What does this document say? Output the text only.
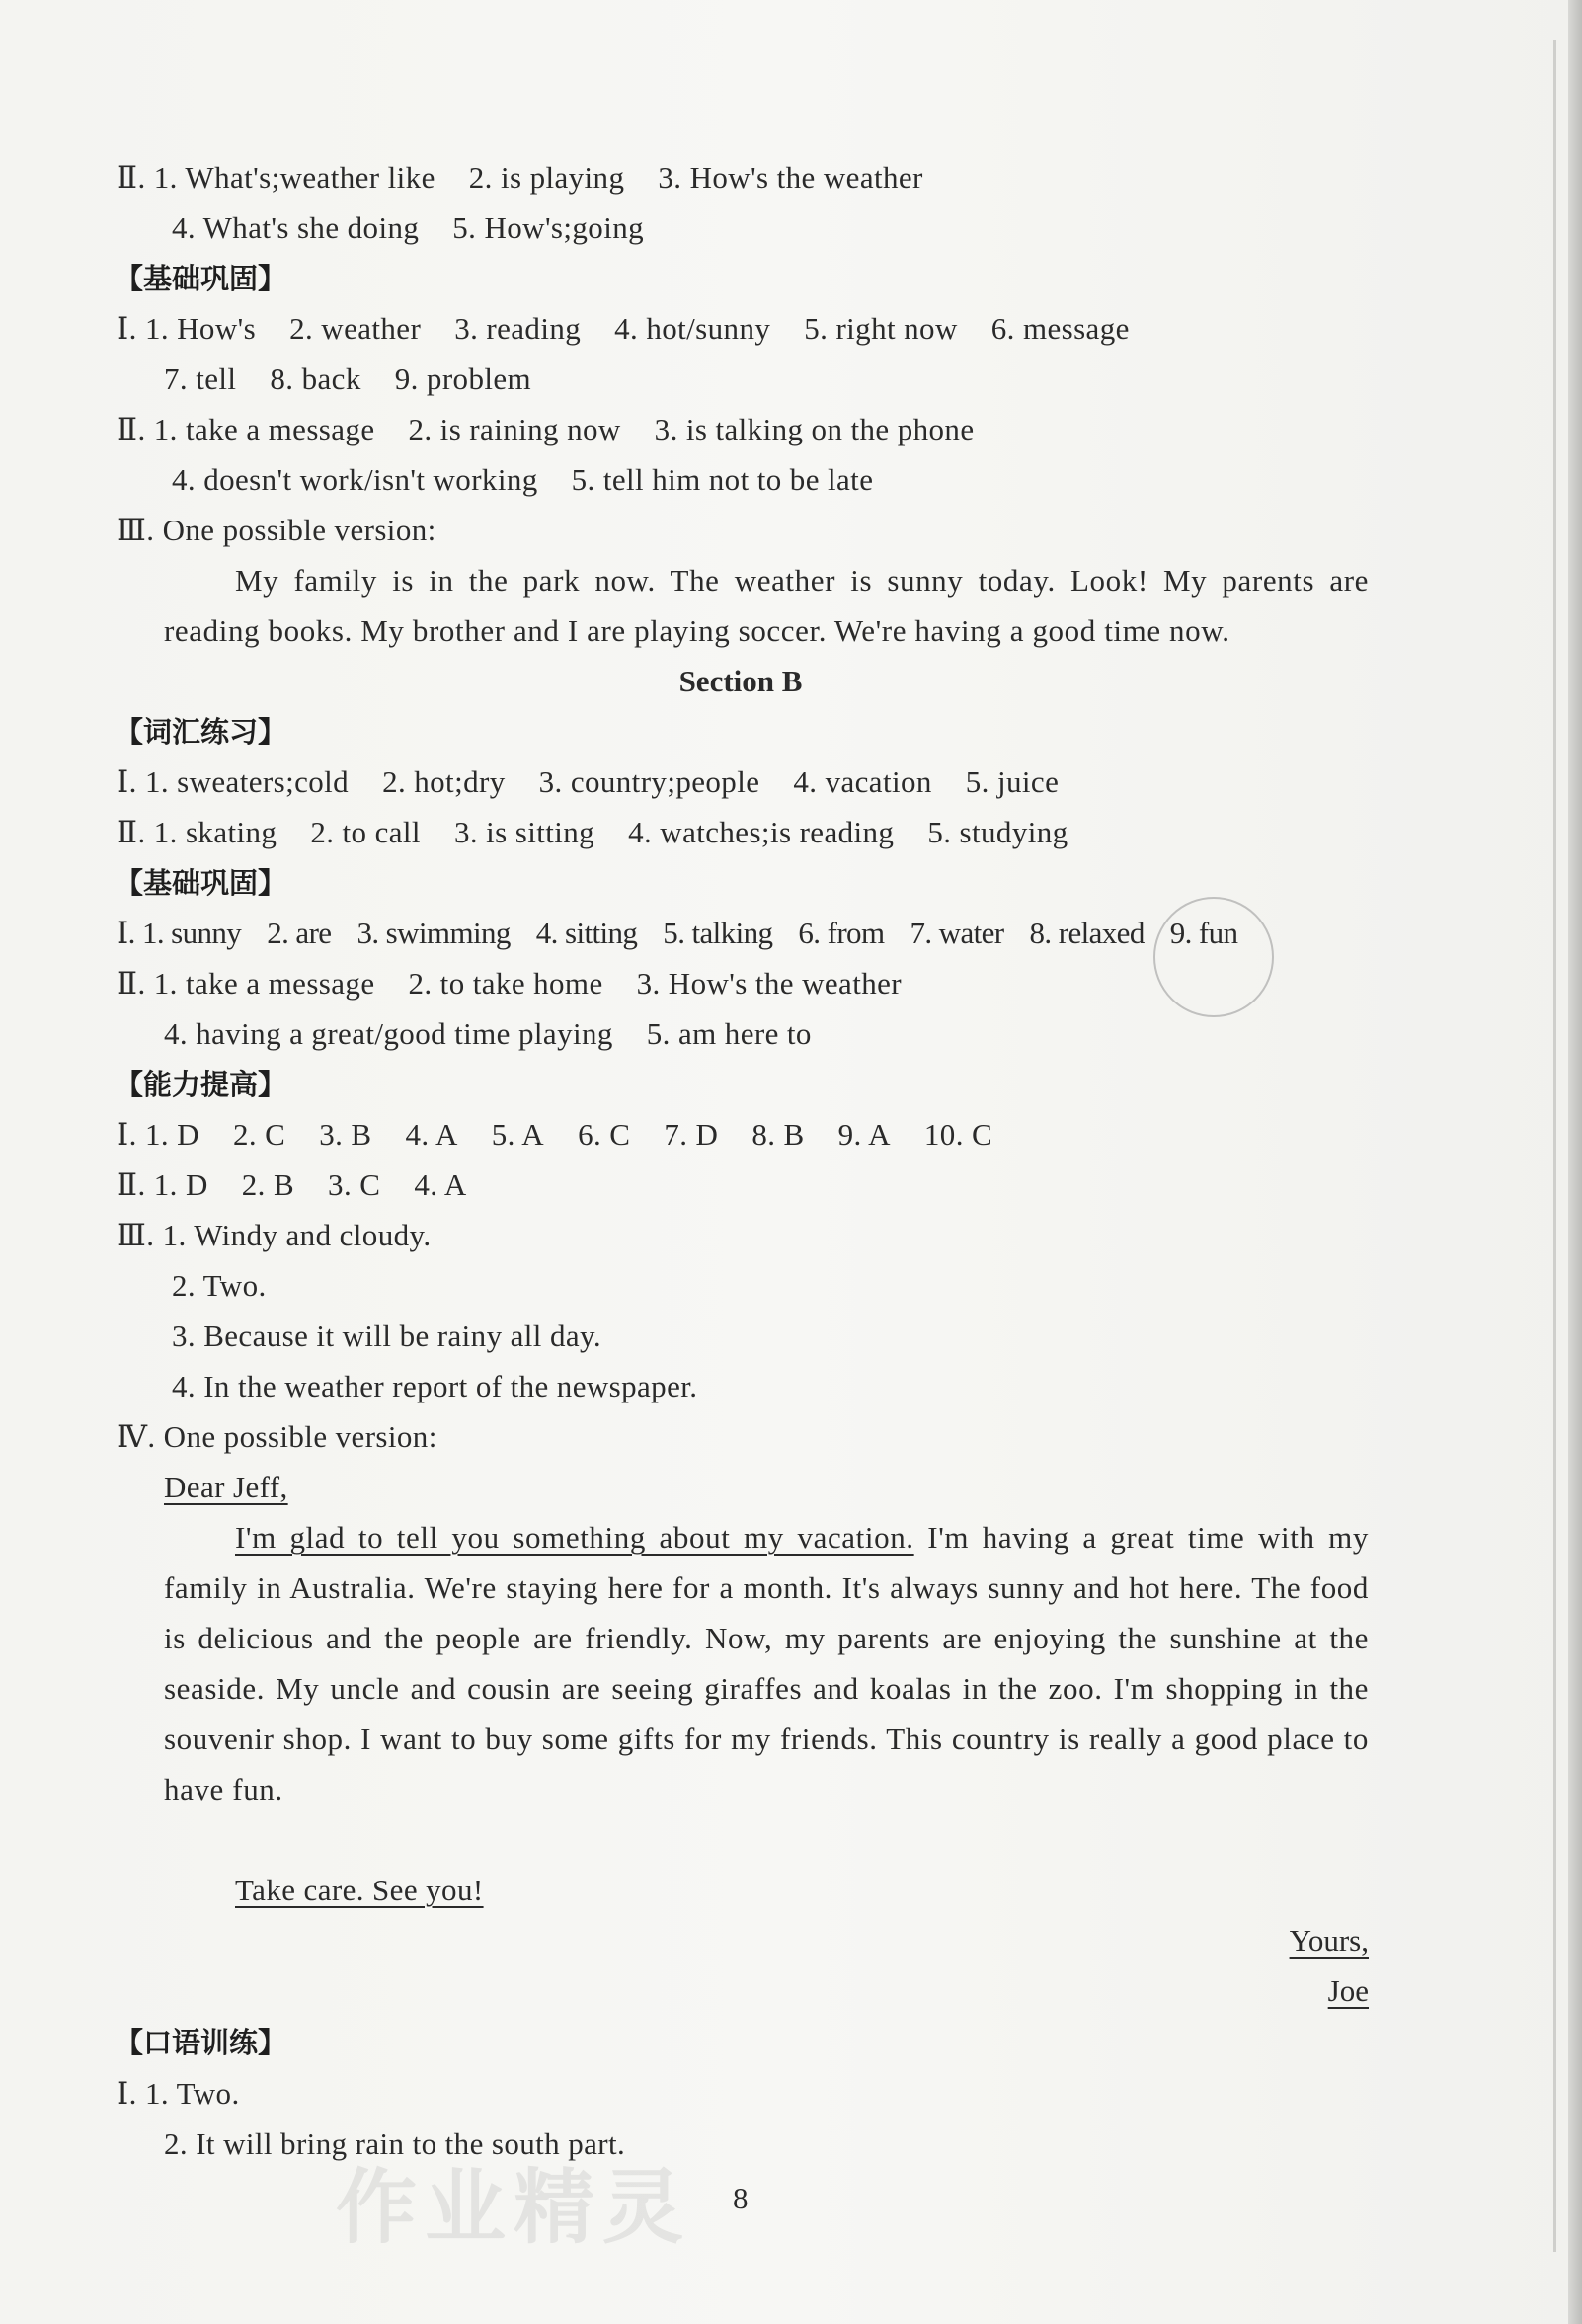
Ⅱ. 1. What's;weather like 2. is playing 3. How's the weather
4. What's she doing 5. How's;going
【基础巩固】
Ⅰ. 1. How's 2. weather 3. reading 4. hot/sunny 5. right now 6. message
7. tell 8. back 9. problem
Ⅱ. 1. take a message 2. is raining now 3. is talking on the phone
4. doesn't work/isn't working 5. tell him not to be late
Ⅲ. One possible version:
My family is in the park now. The weather is sunny today. Look! My parents are reading books. My brother and I are playing soccer. We're having a good time now.
Section B
【词汇练习】
Ⅰ. 1. sweaters;cold 2. hot;dry 3. country;people 4. vacation 5. juice
Ⅱ. 1. skating 2. to call 3. is sitting 4. watches;is reading 5. studying
【基础巩固】
Ⅰ. 1. sunny 2. are 3. swimming 4. sitting 5. talking 6. from 7. water 8. relaxed 9. fun
Ⅱ. 1. take a message 2. to take home 3. How's the weather
4. having a great/good time playing 5. am here to
【能力提高】
Ⅰ. 1. D 2. C 3. B 4. A 5. A 6. C 7. D 8. B 9. A 10. C
Ⅱ. 1. D 2. B 3. C 4. A
Ⅲ. 1. Windy and cloudy.
2. Two.
3. Because it will be rainy all day.
4. In the weather report of the newspaper.
Ⅳ. One possible version:
Dear Jeff,
I'm glad to tell you something about my vacation. I'm having a great time with my family in Australia. We're staying here for a month. It's always sunny and hot here. The food is delicious and the people are friendly. Now, my parents are enjoying the sunshine at the seaside. My uncle and cousin are seeing giraffes and koalas in the zoo. I'm shopping in the souvenir shop. I want to buy some gifts for my friends. This country is really a good place to have fun.
Take care. See you!
Yours,
Joe
【口语训练】
Ⅰ. 1. Two.
2. It will bring rain to the south part.
8
作业精灵
